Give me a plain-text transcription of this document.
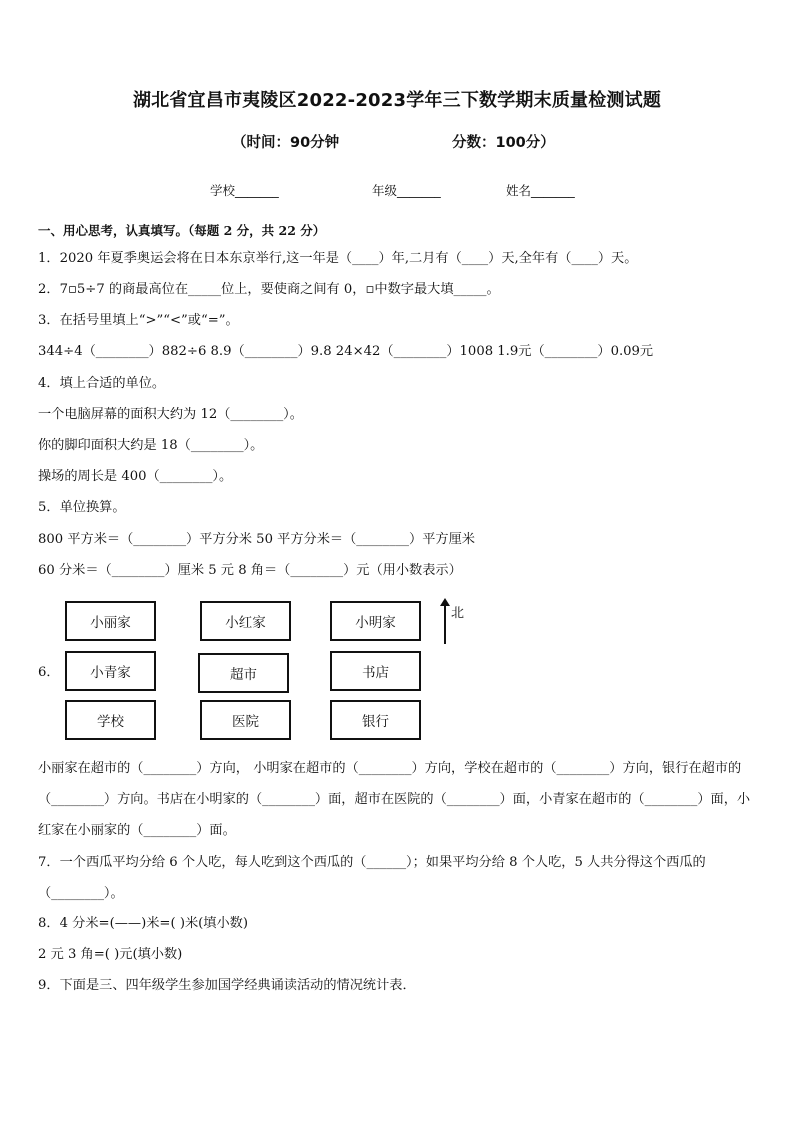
湖北省宜昌市夷陵区2022-2023学年三下数学期末质量检测试题
（时间：90分钟	分数：100分）
学校_______	年级_______	姓名_______
一、用心思考，认真填写。（每题 2 分，共 22 分）
1．2020 年夏季奥运会将在日本东京举行,这一年是（____）年,二月有（____）天,全年有（____）天。
2．7▫5÷7 的商最高位在_____位上，要使商之间有 0，▫中数字最大填_____。
3．在括号里填上“>”“<”或“=”。
344÷4（________）882÷6 8.9（________）9.8 24×42（________）1008 1.9元（________）0.09元
4．填上合适的单位。
一个电脑屏幕的面积大约为 12（________）。
你的脚印面积大约是 18（________）。
操场的周长是 400（________）。
5．单位换算。
800 平方米＝（________）平方分米 50 平方分米＝（________）平方厘米
60 分米＝（________）厘米 5 元 8 角＝（________）元（用小数表示）
6．
小丽家	小红家	小明家
小青家	超市	书店
学校	医院	银行
北
小丽家在超市的（________）方向， 小明家在超市的（________）方向，学校在超市的（________）方向，银行在超市的（________）方向。书店在小明家的（________）面，超市在医院的（________）面，小青家在超市的（________）面，小红家在小丽家的（________）面。
7．一个西瓜平均分给 6 个人吃，每人吃到这个西瓜的（______）；如果平均分给 8 个人吃，5 人共分得这个西瓜的（________）。
8．4 分米=(——)米=( )米(填小数)
2 元 3 角=( )元(填小数)
9．下面是三、四年级学生参加国学经典诵读活动的情况统计表．
